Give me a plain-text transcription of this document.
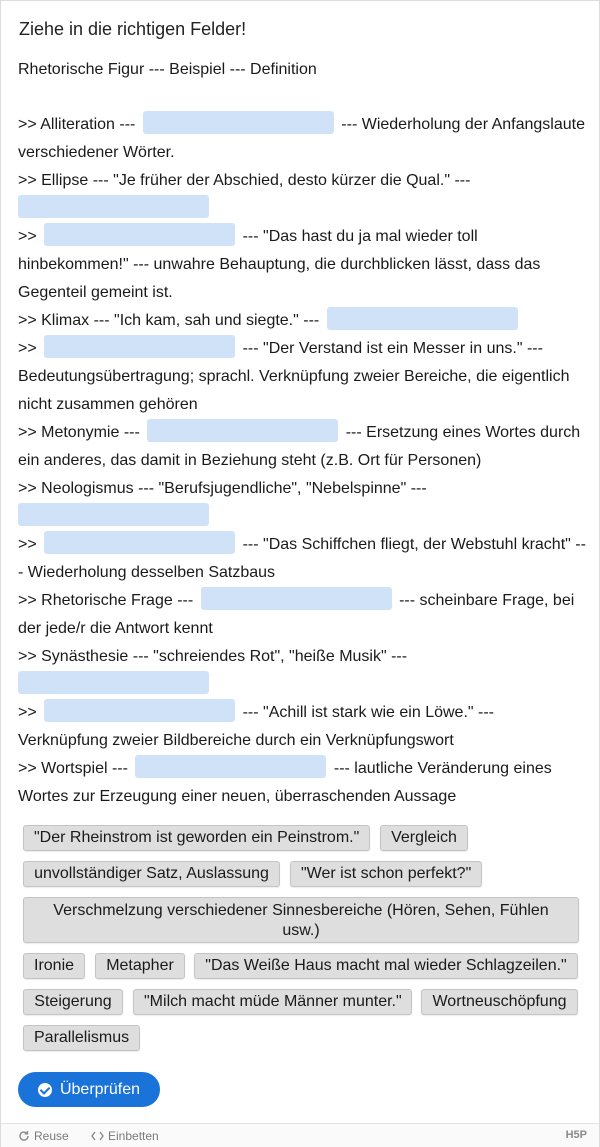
Ziehe in die richtigen Felder!
Rhetorische Figur --- Beispiel --- Definition
>> Alliteration ---	--- Wiederholung der Anfangslaute
verschiedener Wörter.
>> Ellipse --- "Je früher der Abschied, desto kürzer die Qual." ---
>>	--- "Das hast du ja mal wieder toll
hinbekommen!" --- unwahre Behauptung, die durchblicken lässt, dass das
Gegenteil gemeint ist.
>> Klimax --- "Ich kam, sah und siegte." ---
>>	--- "Der Verstand ist ein Messer in uns." ---
Bedeutungsübertragung; sprachl. Verknüpfung zweier Bereiche, die eigentlich
nicht zusammen gehören
>> Metonymie ---	--- Ersetzung eines Wortes durch
ein anderes, das damit in Beziehung steht (z.B. Ort für Personen)
>> Neologismus --- "Berufsjugendliche", "Nebelspinne" ---
>>	--- "Das Schiffchen fliegt, der Webstuhl kracht" --
- Wiederholung desselben Satzbaus
>> Rhetorische Frage ---	--- scheinbare Frage, bei
der jede/r die Antwort kennt
>> Synästhesie --- "schreiendes Rot", "heiße Musik" ---
>>	--- "Achill ist stark wie ein Löwe." ---
Verknüpfung zweier Bildbereiche durch ein Verknüpfungswort
>> Wortspiel ---	--- lautliche Veränderung eines
Wortes zur Erzeugung einer neuen, überraschenden Aussage
"Der Rheinstrom ist geworden ein Peinstrom."	Vergleich
unvollständiger Satz, Auslassung	"Wer ist schon perfekt?"
Verschmelzung verschiedener Sinnesbereiche (Hören, Sehen, Fühlen usw.)
Ironie	Metapher	"Das Weiße Haus macht mal wieder Schlagzeilen."
Steigerung	"Milch macht müde Männer munter."	Wortneuschöpfung
Parallelismus
Überprüfen
Reuse	Einbetten	H5P
